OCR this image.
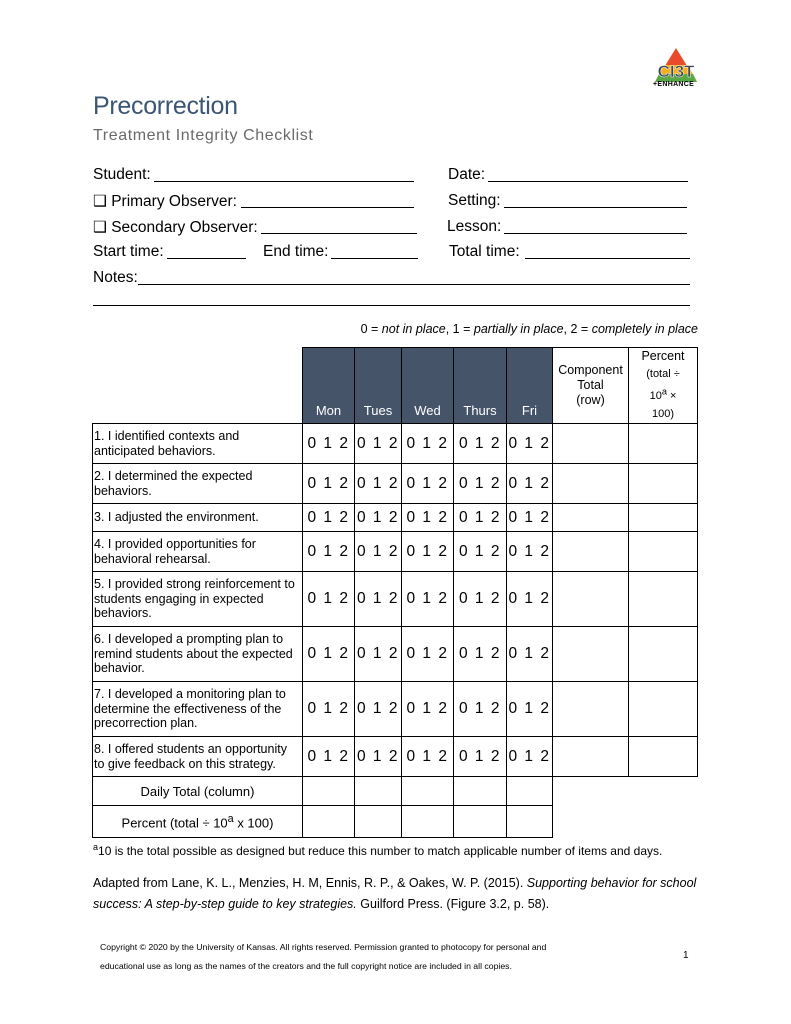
CI3T
+ENHANCE
Precorrection
Treatment Integrity Checklist
Student:	Date:
❑ Primary Observer:	Setting:
❑ Secondary Observer:	Lesson:
Start time:	End time:	Total time:
Notes:
0 = not in place, 1 = partially in place, 2 = completely in place
	Mon	Tues	Wed	Thurs	Fri	Component
Total
(row)	Percent
(total ÷
$10^a$ ×
100)
1. I identified contexts and
anticipated behaviors.	0 1 2	0 1 2	0 1 2	0 1 2	0 1 2		
2. I determined the expected
behaviors.	0 1 2	0 1 2	0 1 2	0 1 2	0 1 2		
3. I adjusted the environment.	0 1 2	0 1 2	0 1 2	0 1 2	0 1 2		
4. I provided opportunities for
behavioral rehearsal.	0 1 2	0 1 2	0 1 2	0 1 2	0 1 2		
5. I provided strong reinforcement to
students engaging in expected
behaviors.	0 1 2	0 1 2	0 1 2	0 1 2	0 1 2		
6. I developed a prompting plan to
remind students about the expected
behavior.	0 1 2	0 1 2	0 1 2	0 1 2	0 1 2		
7. I developed a monitoring plan to
determine the effectiveness of the
precorrection plan.	0 1 2	0 1 2	0 1 2	0 1 2	0 1 2		
8. I offered students an opportunity
to give feedback on this strategy.	0 1 2	0 1 2	0 1 2	0 1 2	0 1 2		
Daily Total (column)							
Percent (total ÷ $10^a$ x 100)							
$^a$10 is the total possible as designed but reduce this number to match applicable number of items and days.
Adapted from Lane, K. L., Menzies, H. M, Ennis, R. P., & Oakes, W. P. (2015). Supporting behavior for school success: A step-by-step guide to key strategies. Guilford Press. (Figure 3.2, p. 58).
Copyright © 2020 by the University of Kansas. All rights reserved. Permission granted to photocopy for personal and
educational use as long as the names of the creators and the full copyright notice are included in all copies.
1
